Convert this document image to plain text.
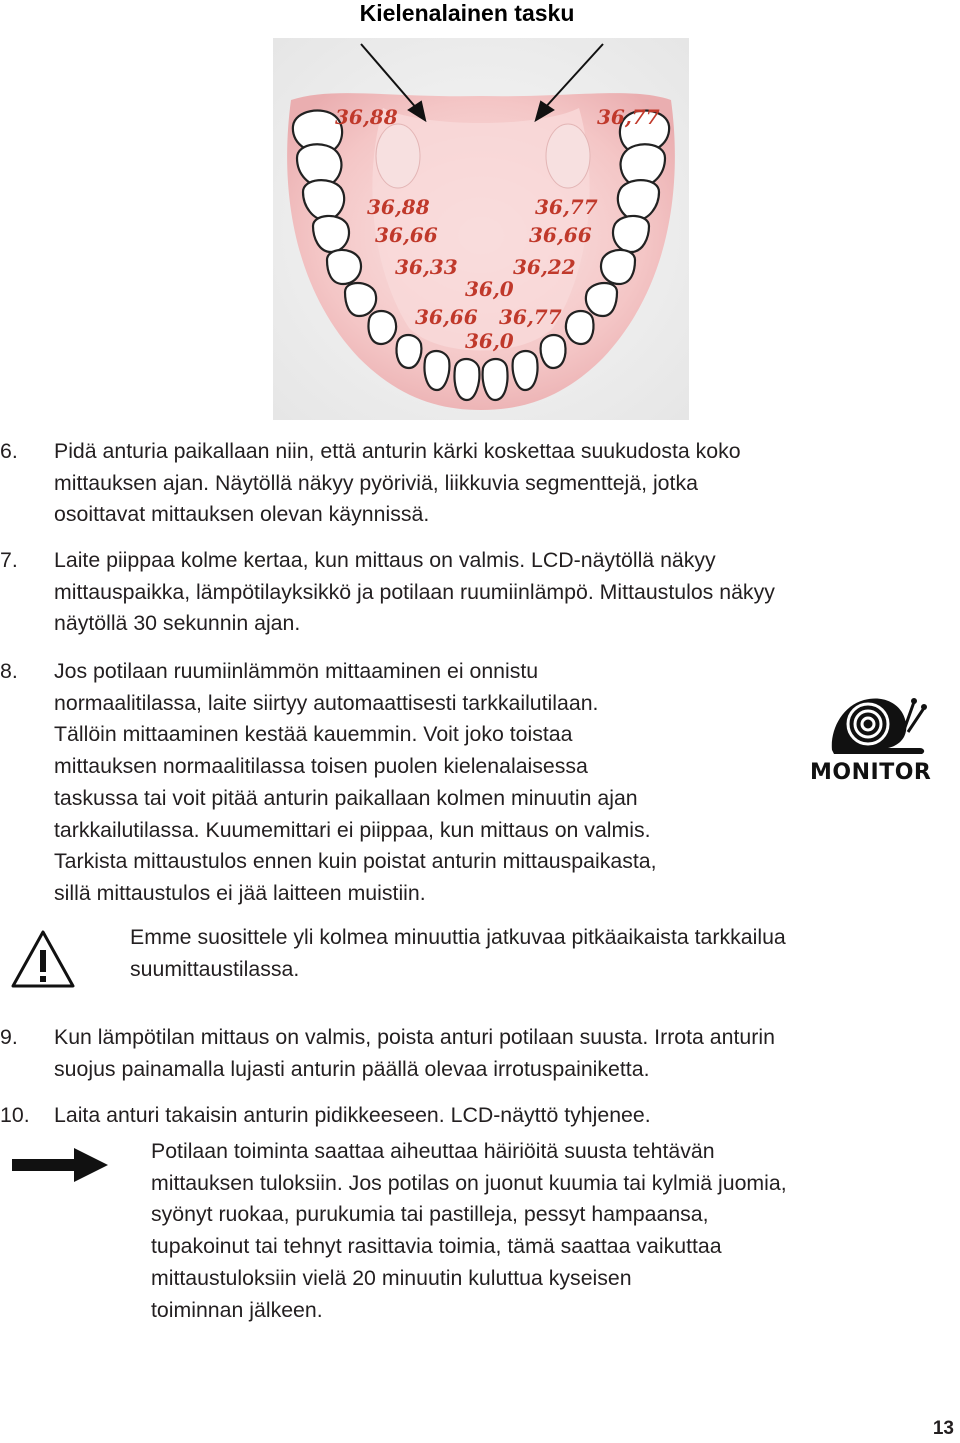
Kielenalainen tasku
36,88	36,77
36,88
36,66
36,33
36,77
36,66
36,22
36,0
36,66 36,77
36,0
6. Pidä anturia paikallaan niin, että anturin kärki koskettaa suukudosta koko

mittauksen ajan. Näytöllä näkyy pyöriviä, liikkuvia segmenttejä, jotka

osoittavat mittauksen olevan käynnissä.

7. Laite piippaa kolme kertaa, kun mittaus on valmis. LCD-näytöllä näkyy

mittauspaikka, lämpötilayksikkö ja potilaan ruumiinlämpö. Mittaustulos näkyy

näytöllä 30 sekunnin ajan.

8. Jos potilaan ruumiinlämmön mittaaminen ei onnistu

normaalitilassa, laite siirtyy automaattisesti tarkkailutilaan.

Tällöin mittaaminen kestää kauemmin. Voit joko toistaa

mittauksen normaalitilassa toisen puolen kielenalaisessa

taskussa tai voit pitää anturin paikallaan kolmen minuutin ajan

tarkkailutilassa. Kuumemittari ei piippaa, kun mittaus on valmis.

Tarkista mittaustulos ennen kuin poistat anturin mittauspaikasta,

sillä mittaustulos ei jää laitteen muistiin.

MONITOR

Emme suosittele yli kolmea minuuttia jatkuvaa pitkäaikaista tarkkailua

suumittaustilassa.

9. Kun lämpötilan mittaus on valmis, poista anturi potilaan suusta. Irrota anturin

suojus painamalla lujasti anturin päällä olevaa irrotuspainiketta.

10. Laita anturi takaisin anturin pidikkeeseen. LCD-näyttö tyhjenee.

Potilaan toiminta saattaa aiheuttaa häiriöitä suusta tehtävän

mittauksen tuloksiin. Jos potilas on juonut kuumia tai kylmiä juomia,

syönyt ruokaa, purukumia tai pastilleja, pessyt hampaansa,

tupakoinut tai tehnyt rasittavia toimia, tämä saattaa vaikuttaa

mittaustuloksiin vielä 20 minuutin kuluttua kyseisen

toiminnan jälkeen.

13
